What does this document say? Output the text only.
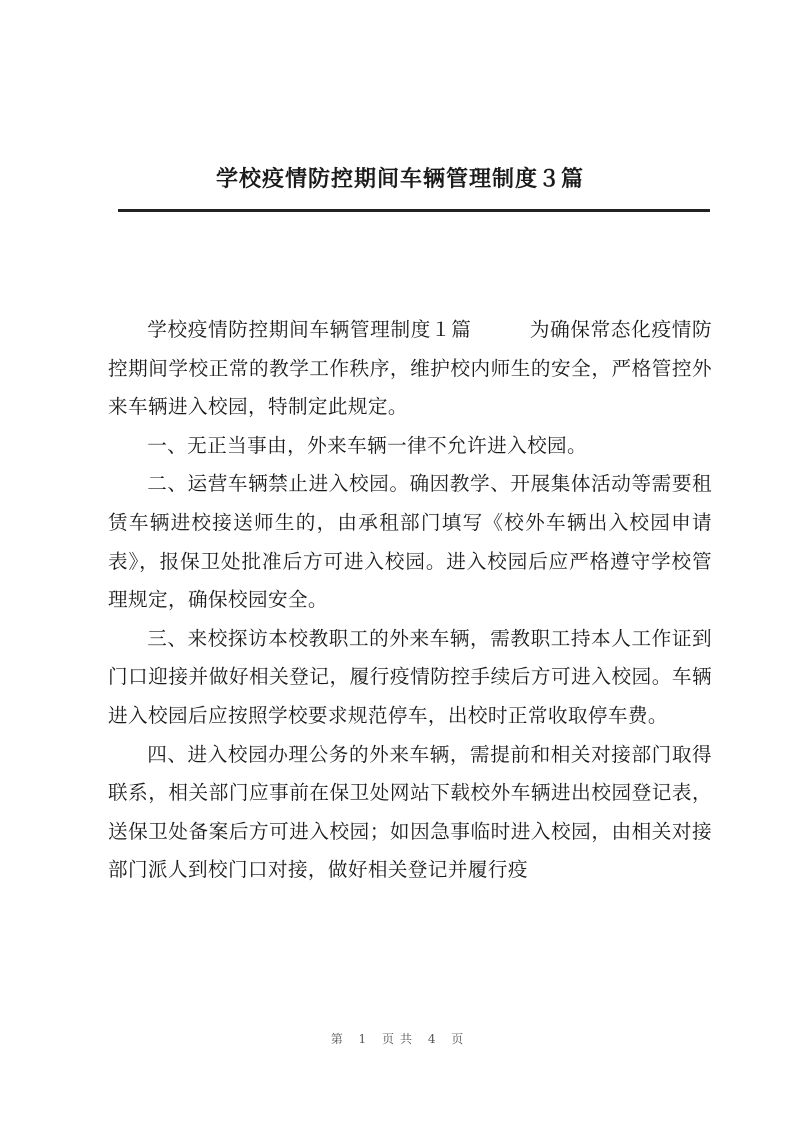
学校疫情防控期间车辆管理制度３篇

学校疫情防控期间车辆管理制度１篇	为确保常态化疫情防控期间学校正常的教学工作秩序，维护校内师生的安全，严格管控外来车辆进入校园，特制定此规定。

一、无正当事由，外来车辆一律不允许进入校园。

二、运营车辆禁止进入校园。确因教学、开展集体活动等需要租赁车辆进校接送师生的，由承租部门填写《校外车辆出入校园申请表》，报保卫处批准后方可进入校园。进入校园后应严格遵守学校管理规定，确保校园安全。

三、来校探访本校教职工的外来车辆，需教职工持本人工作证到门口迎接并做好相关登记，履行疫情防控手续后方可进入校园。车辆进入校园后应按照学校要求规范停车，出校时正常收取停车费。

四、进入校园办理公务的外来车辆，需提前和相关对接部门取得联系，相关部门应事前在保卫处网站下载校外车辆进出校园登记表，送保卫处备案后方可进入校园；如因急事临时进入校园，由相关对接部门派人到校门口对接，做好相关登记并履行疫

第 1 页共 4 页
